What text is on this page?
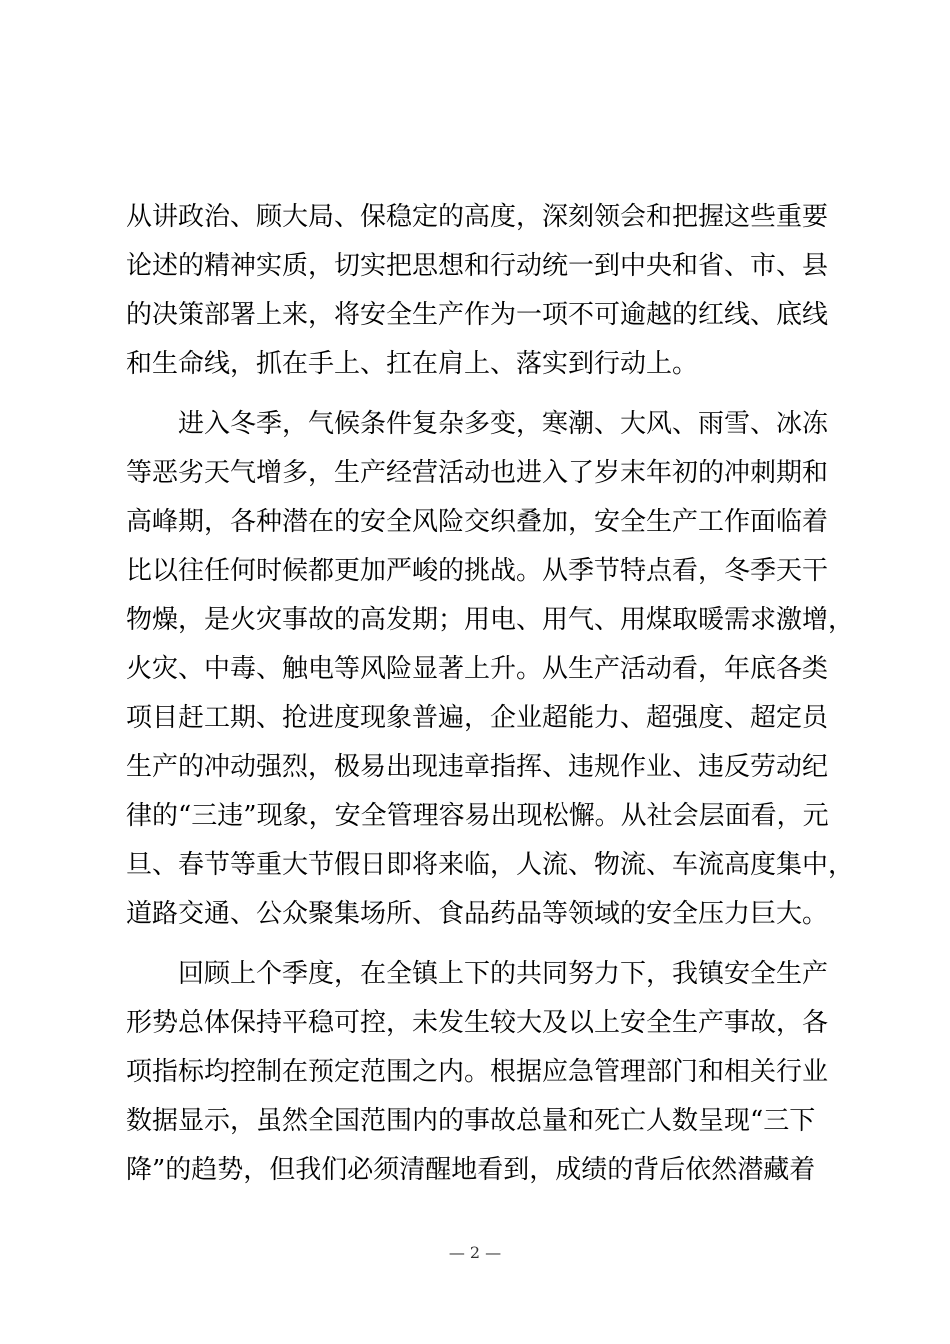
从讲政治、顾大局、保稳定的高度，深刻领会和把握这些重要
论述的精神实质，切实把思想和行动统一到中央和省、市、县
的决策部署上来，将安全生产作为一项不可逾越的红线、底线
和生命线，抓在手上、扛在肩上、落实到行动上。
　　进入冬季，气候条件复杂多变，寒潮、大风、雨雪、冰冻
等恶劣天气增多，生产经营活动也进入了岁末年初的冲刺期和
高峰期，各种潜在的安全风险交织叠加，安全生产工作面临着
比以往任何时候都更加严峻的挑战。从季节特点看，冬季天干
物燥，是火灾事故的高发期；用电、用气、用煤取暖需求激增，
火灾、中毒、触电等风险显著上升。从生产活动看，年底各类
项目赶工期、抢进度现象普遍，企业超能力、超强度、超定员
生产的冲动强烈，极易出现违章指挥、违规作业、违反劳动纪
律的“三违”现象，安全管理容易出现松懈。从社会层面看，元
旦、春节等重大节假日即将来临，人流、物流、车流高度集中，
道路交通、公众聚集场所、食品药品等领域的安全压力巨大。
　　回顾上个季度，在全镇上下的共同努力下，我镇安全生产
形势总体保持平稳可控，未发生较大及以上安全生产事故，各
项指标均控制在预定范围之内。根据应急管理部门和相关行业
数据显示，虽然全国范围内的事故总量和死亡人数呈现“三下
降”的趋势，但我们必须清醒地看到，成绩的背后依然潜藏着
— 2 —
